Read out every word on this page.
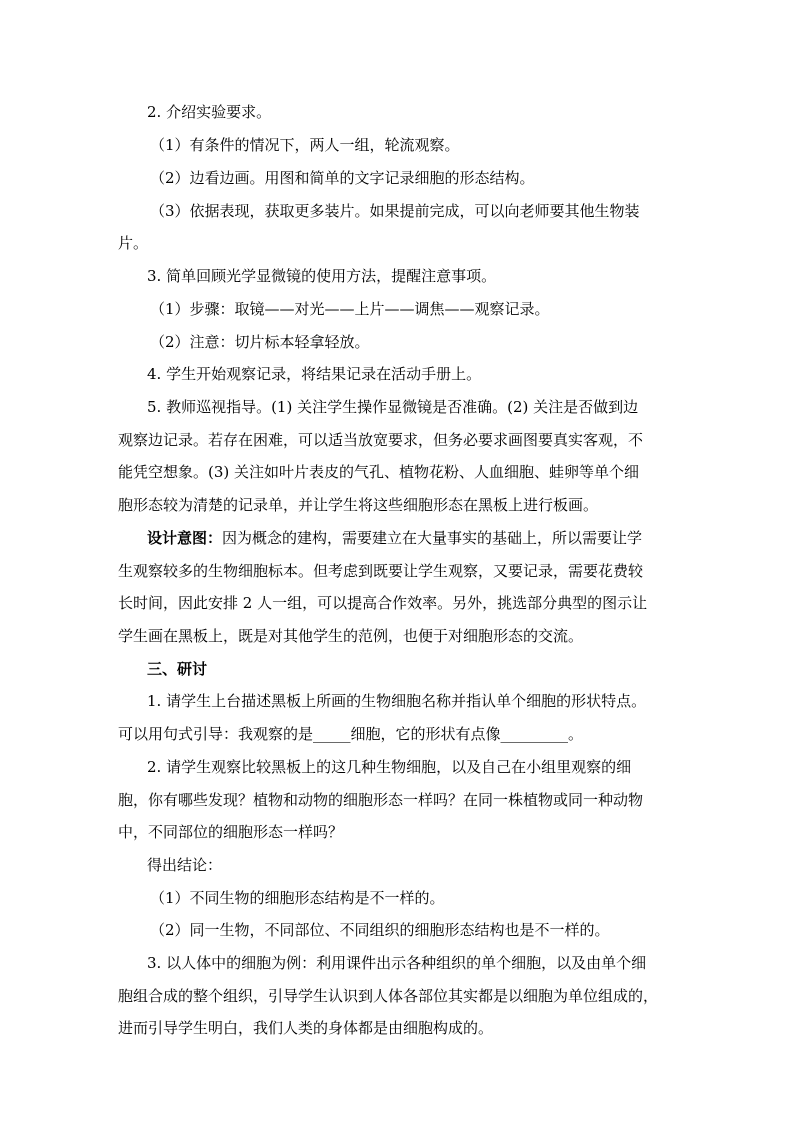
2. 介绍实验要求。
（1）有条件的情况下，两人一组，轮流观察。
（2）边看边画。用图和简单的文字记录细胞的形态结构。
（3）依据表现，获取更多装片。如果提前完成，可以向老师要其他生物装
片。
3. 简单回顾光学显微镜的使用方法，提醒注意事项。
（1）步骤：取镜——对光——上片——调焦——观察记录。
（2）注意：切片标本轻拿轻放。
4. 学生开始观察记录，将结果记录在活动手册上。
5. 教师巡视指导。(1) 关注学生操作显微镜是否准确。(2) 关注是否做到边
观察边记录。若存在困难，可以适当放宽要求，但务必要求画图要真实客观，不
能凭空想象。(3) 关注如叶片表皮的气孔、植物花粉、人血细胞、蛙卵等单个细
胞形态较为清楚的记录单，并让学生将这些细胞形态在黑板上进行板画。
设计意图：因为概念的建构，需要建立在大量事实的基础上，所以需要让学
生观察较多的生物细胞标本。但考虑到既要让学生观察，又要记录，需要花费较
长时间，因此安排 2 人一组，可以提高合作效率。另外，挑选部分典型的图示让
学生画在黑板上，既是对其他学生的范例，也便于对细胞形态的交流。
三、研讨
1. 请学生上台描述黑板上所画的生物细胞名称并指认单个细胞的形状特点。
可以用句式引导：我观察的是_____细胞，它的形状有点像_________。
2. 请学生观察比较黑板上的这几种生物细胞，以及自己在小组里观察的细
胞，你有哪些发现？植物和动物的细胞形态一样吗？在同一株植物或同一种动物
中，不同部位的细胞形态一样吗？
得出结论：
（1）不同生物的细胞形态结构是不一样的。
（2）同一生物，不同部位、不同组织的细胞形态结构也是不一样的。
3. 以人体中的细胞为例：利用课件出示各种组织的单个细胞，以及由单个细
胞组合成的整个组织，引导学生认识到人体各部位其实都是以细胞为单位组成的，
进而引导学生明白，我们人类的身体都是由细胞构成的。
